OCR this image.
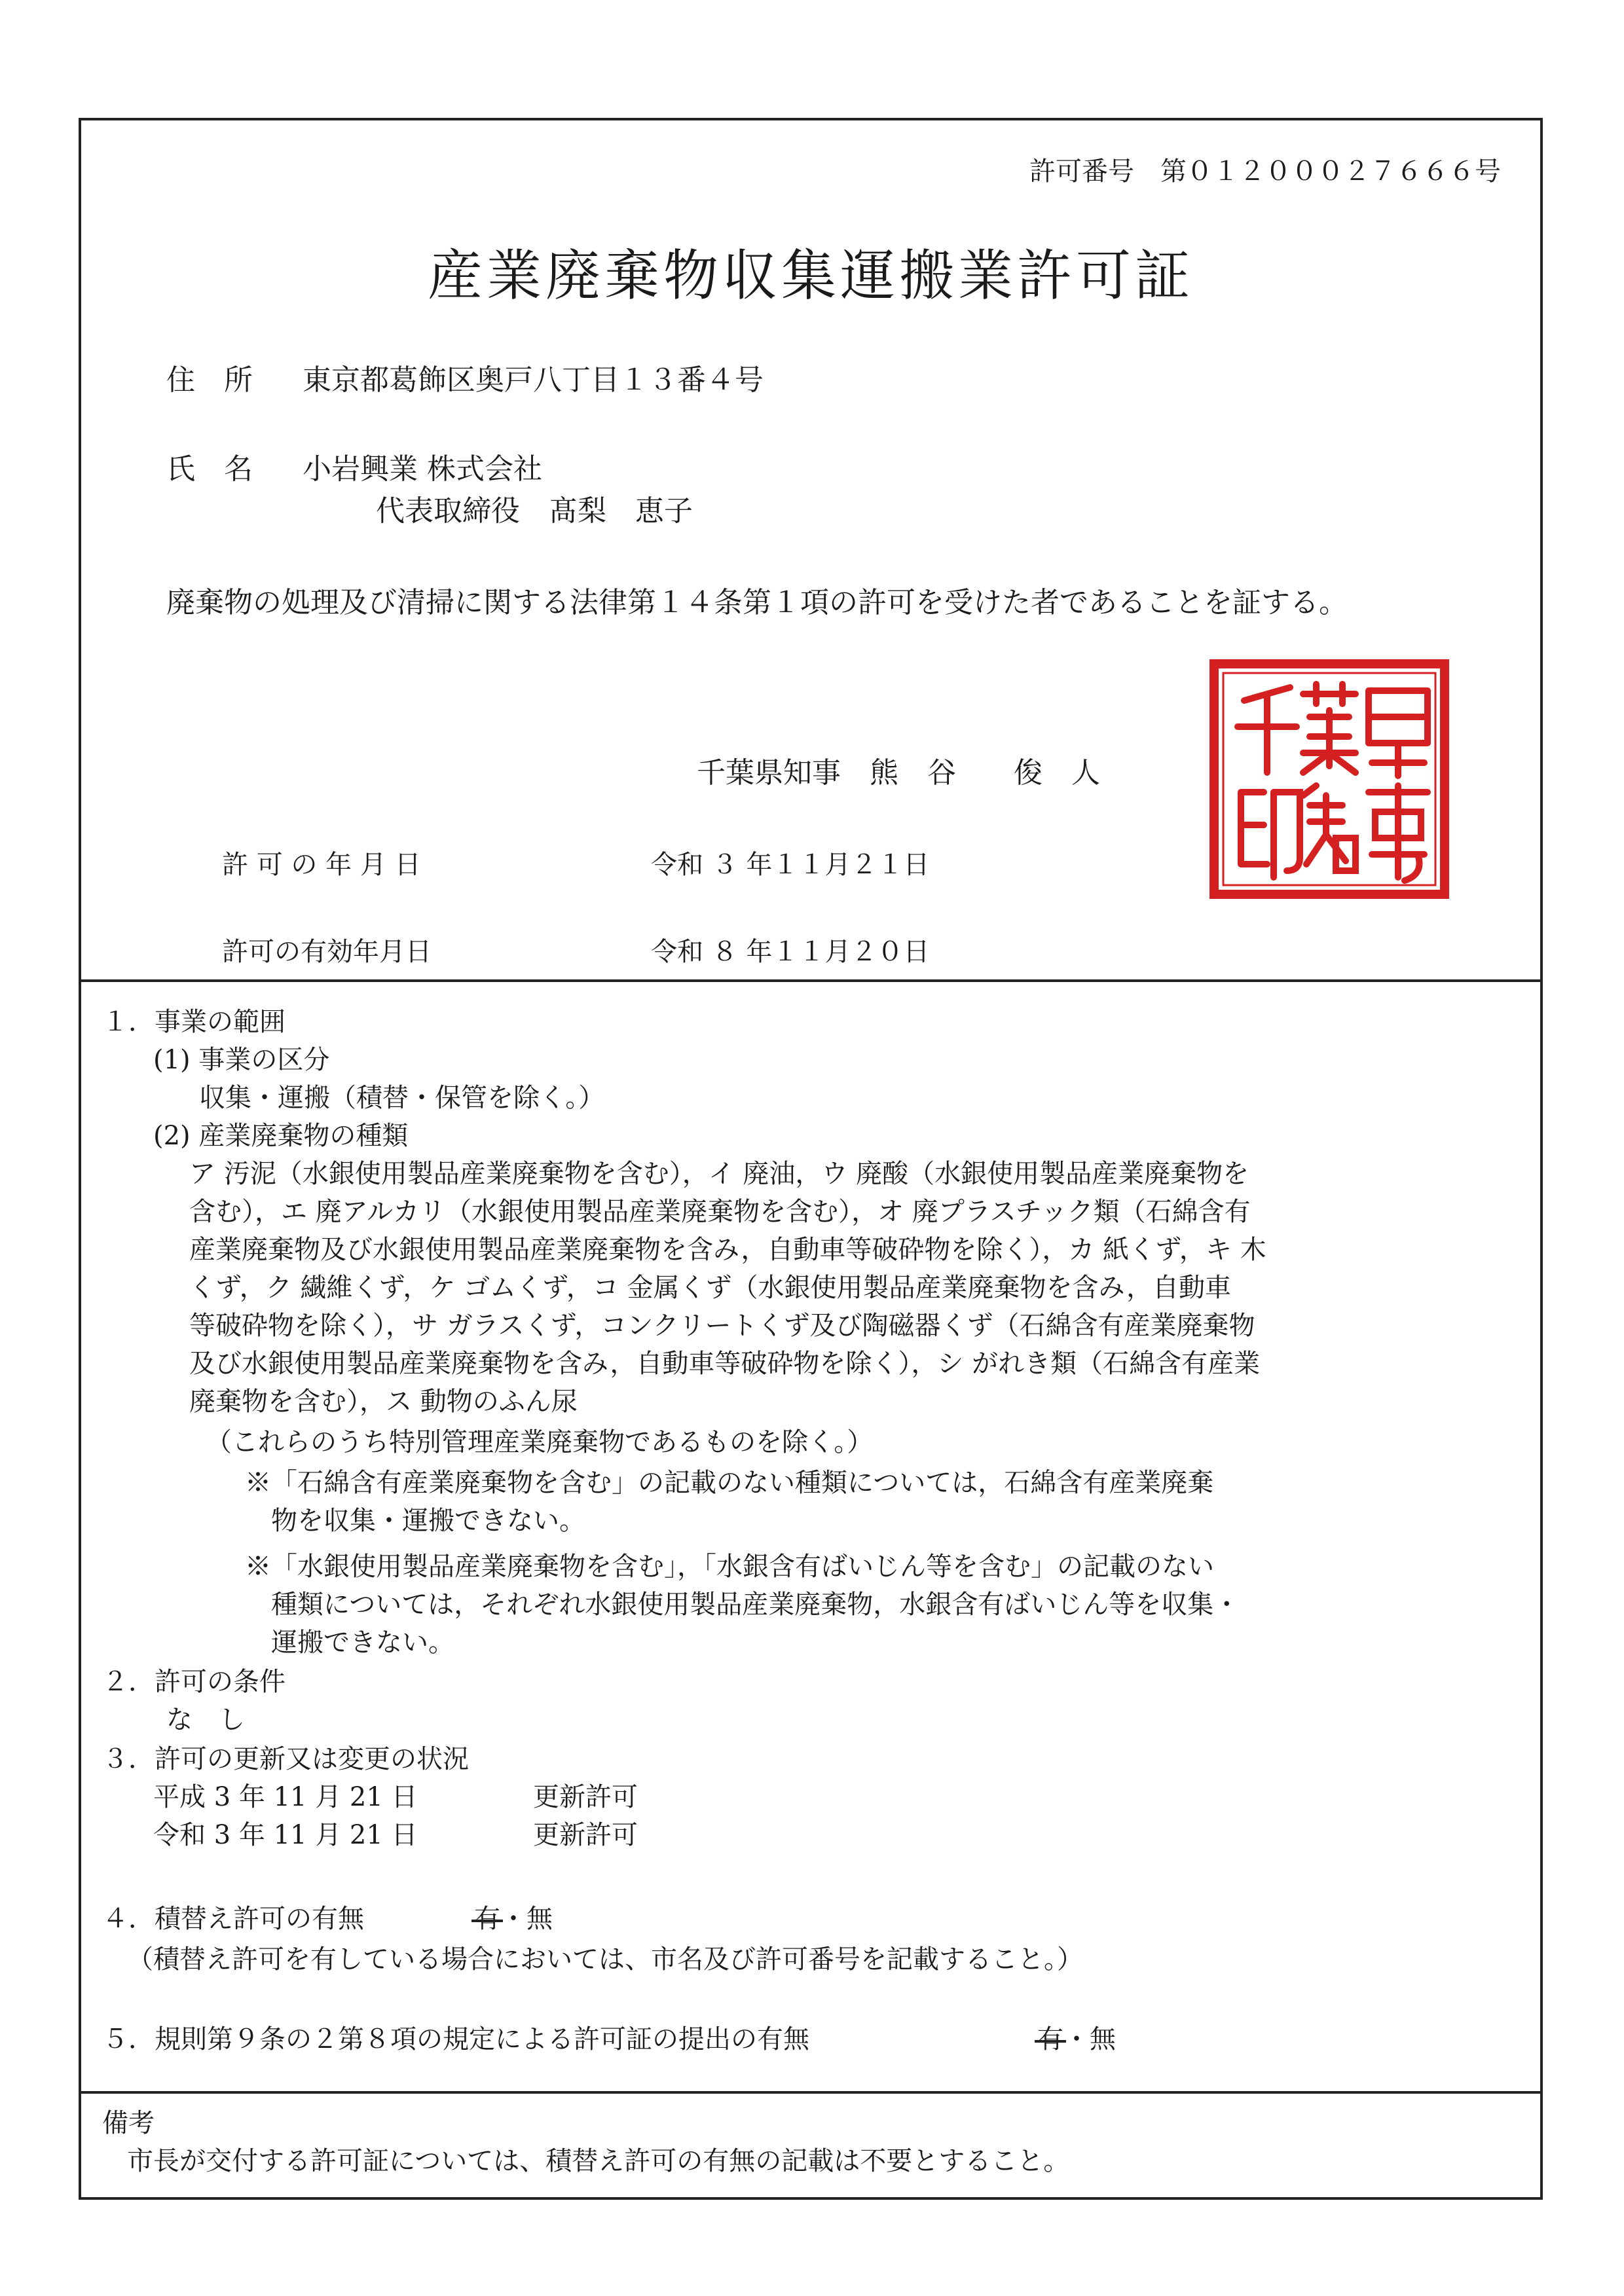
許可番号　第０１２０００２７６６６号
産業廃棄物収集運搬業許可証
住　所 東京都葛飾区奥戸八丁目１３番４号
氏　名 小岩興業 株式会社
代表取締役　髙梨　恵子
廃棄物の処理及び清掃に関する法律第１４条第１項の許可を受けた者であることを証する。
千葉県知事　熊　谷　　俊　人
許 可 の 年 月 日	令和 ３ 年１１月２１日
許可の有効年月日	令和 ８ 年１１月２０日
１．事業の範囲
(1) 事業の区分
収集・運搬（積替・保管を除く。）
(2) 産業廃棄物の種類
ア 汚泥（水銀使用製品産業廃棄物を含む），イ 廃油，ウ 廃酸（水銀使用製品産業廃棄物を
含む），エ 廃アルカリ（水銀使用製品産業廃棄物を含む），オ 廃プラスチック類（石綿含有
産業廃棄物及び水銀使用製品産業廃棄物を含み，自動車等破砕物を除く），カ 紙くず，キ 木
くず，ク 繊維くず，ケ ゴムくず，コ 金属くず（水銀使用製品産業廃棄物を含み，自動車
等破砕物を除く），サ ガラスくず，コンクリートくず及び陶磁器くず（石綿含有産業廃棄物
及び水銀使用製品産業廃棄物を含み，自動車等破砕物を除く），シ がれき類（石綿含有産業
廃棄物を含む），ス 動物のふん尿
（これらのうち特別管理産業廃棄物であるものを除く。）
※「石綿含有産業廃棄物を含む」の記載のない種類については，石綿含有産業廃棄
　物を収集・運搬できない。
※「水銀使用製品産業廃棄物を含む」，「水銀含有ばいじん等を含む」の記載のない
　種類については，それぞれ水銀使用製品産業廃棄物，水銀含有ばいじん等を収集・
　運搬できない。
２．許可の条件
な　し
３．許可の更新又は変更の状況
平成 3 年 11 月 21 日	更新許可
令和 3 年 11 月 21 日	更新許可
４．積替え許可の有無	有・無
（積替え許可を有している場合においては、市名及び許可番号を記載すること。）
５．規則第９条の２第８項の規定による許可証の提出の有無	有・無
備考
市長が交付する許可証については、積替え許可の有無の記載は不要とすること。
